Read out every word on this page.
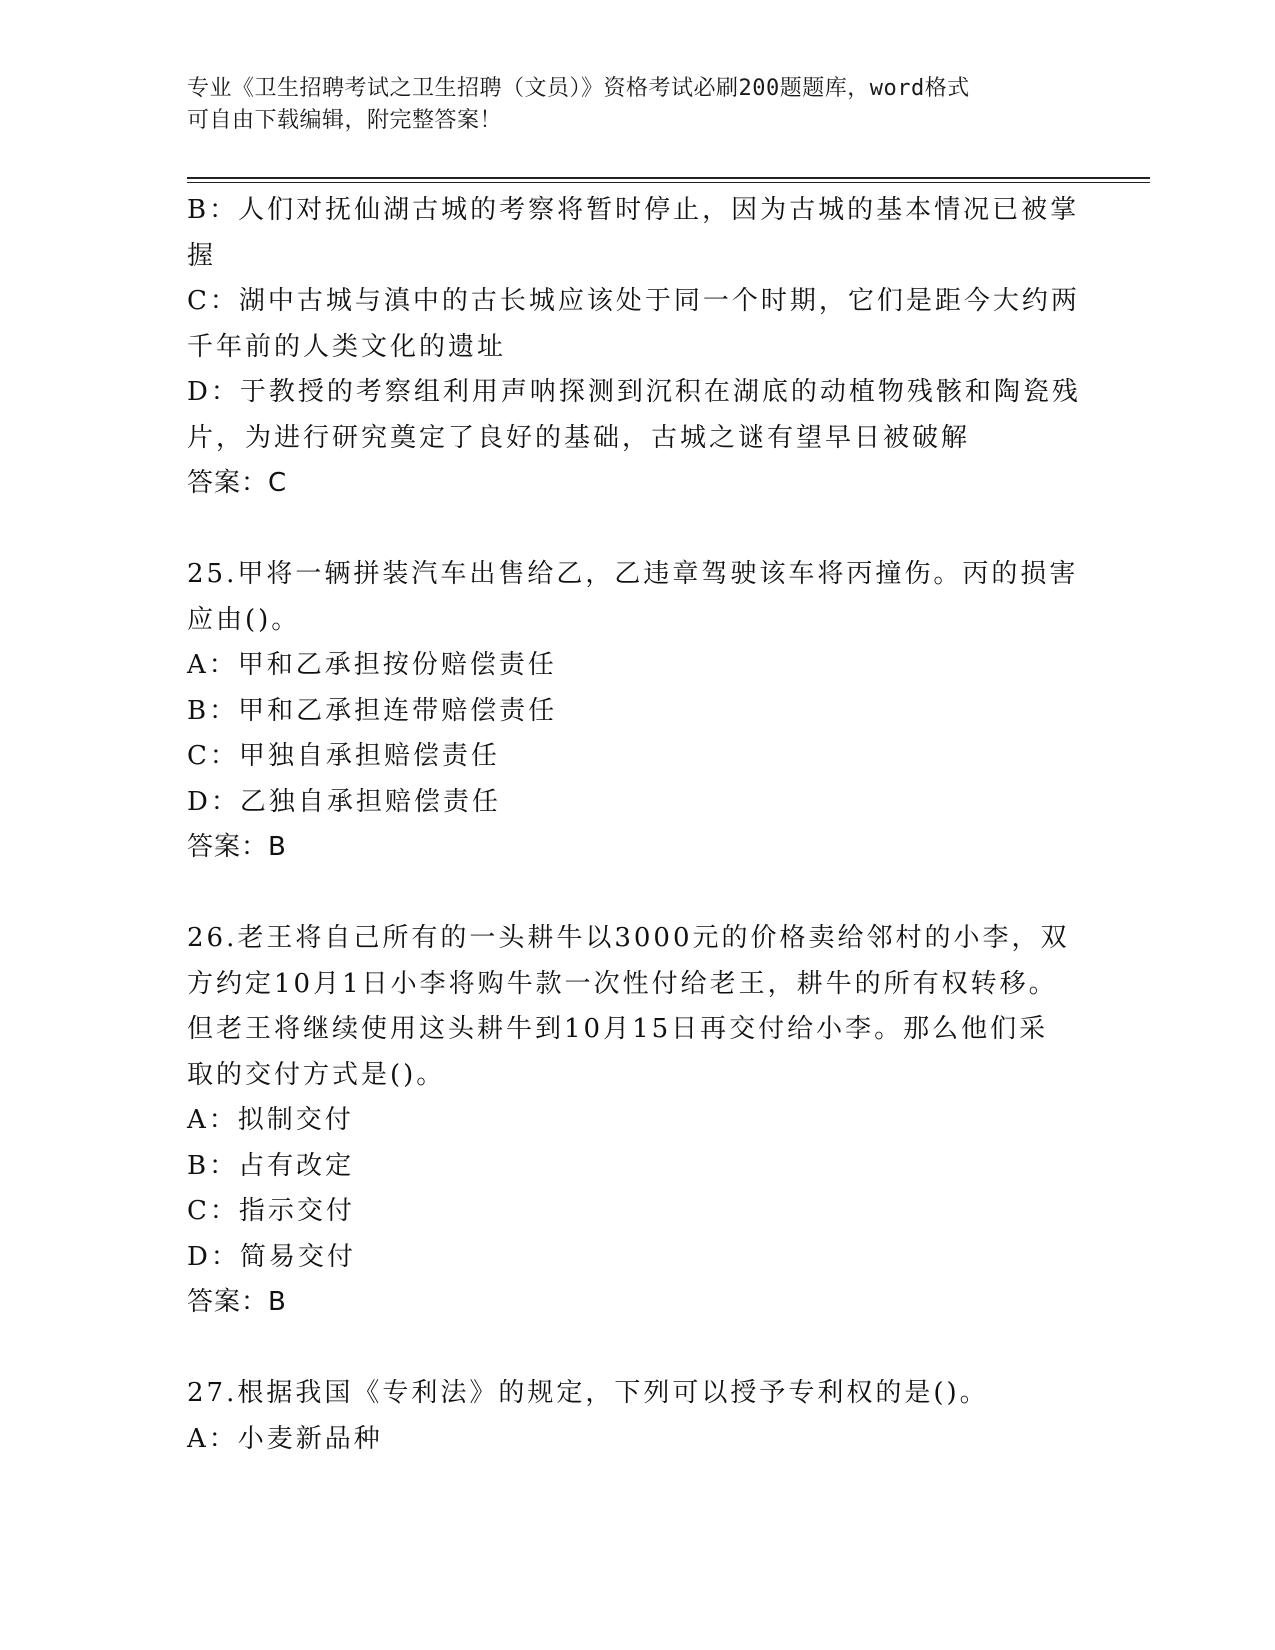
专业《卫生招聘考试之卫生招聘（文员）》资格考试必刷200题题库，word格式
可自由下载编辑，附完整答案！
B：人们对抚仙湖古城的考察将暂时停止，因为古城的基本情况已被掌
握
C：湖中古城与滇中的古长城应该处于同一个时期，它们是距今大约两
千年前的人类文化的遗址
D：于教授的考察组利用声呐探测到沉积在湖底的动植物残骸和陶瓷残
片，为进行研究奠定了良好的基础，古城之谜有望早日被破解
答案：C
25.甲将一辆拼装汽车出售给乙，乙违章驾驶该车将丙撞伤。丙的损害
应由()。
A：甲和乙承担按份赔偿责任
B：甲和乙承担连带赔偿责任
C：甲独自承担赔偿责任
D：乙独自承担赔偿责任
答案：B
26.老王将自己所有的一头耕牛以3000元的价格卖给邻村的小李，双
方约定10月1日小李将购牛款一次性付给老王，耕牛的所有权转移。
但老王将继续使用这头耕牛到10月15日再交付给小李。那么他们采
取的交付方式是()。
A：拟制交付
B：占有改定
C：指示交付
D：简易交付
答案：B
27.根据我国《专利法》的规定，下列可以授予专利权的是()。
A：小麦新品种
